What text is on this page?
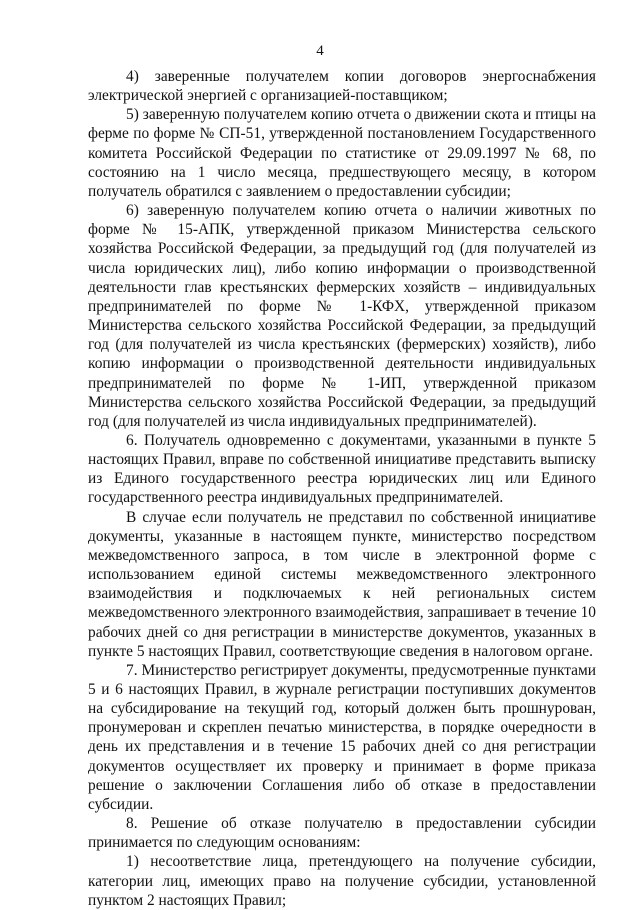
4

4) заверенные получателем копии договоров энергоснабжения электрической энергией с организацией-поставщиком;

5) заверенную получателем копию отчета о движении скота и птицы на ферме по форме № СП-51, утвержденной постановлением Государственного комитета Российской Федерации по статистике от 29.09.1997 № 68, по состоянию на 1 число месяца, предшествующего месяцу, в котором получатель обратился с заявлением о предоставлении субсидии;

6) заверенную получателем копию отчета о наличии животных по форме № 15-АПК, утвержденной приказом Министерства сельского хозяйства Российской Федерации, за предыдущий год (для получателей из числа юридических лиц), либо копию информации о производственной деятельности глав крестьянских фермерских хозяйств – индивидуальных предпринимателей по форме № 1-КФХ, утвержденной приказом Министерства сельского хозяйства Российской Федерации, за предыдущий год (для получателей из числа крестьянских (фермерских) хозяйств), либо копию информации о производственной деятельности индивидуальных предпринимателей по форме № 1-ИП, утвержденной приказом Министерства сельского хозяйства Российской Федерации, за предыдущий год (для получателей из числа индивидуальных предпринимателей).

6. Получатель одновременно с документами, указанными в пункте 5 настоящих Правил, вправе по собственной инициативе представить выписку из Единого государственного реестра юридических лиц или Единого государственного реестра индивидуальных предпринимателей.

В случае если получатель не представил по собственной инициативе документы, указанные в настоящем пункте, министерство посредством межведомственного запроса, в том числе в электронной форме с использованием единой системы межведомственного электронного взаимодействия и подключаемых к ней региональных систем межведомственного электронного взаимодействия, запрашивает в течение 10 рабочих дней со дня регистрации в министерстве документов, указанных в пункте 5 настоящих Правил, соответствующие сведения в налоговом органе.

7. Министерство регистрирует документы, предусмотренные пунктами 5 и 6 настоящих Правил, в журнале регистрации поступивших документов на субсидирование на текущий год, который должен быть прошнурован, пронумерован и скреплен печатью министерства, в порядке очередности в день их представления и в течение 15 рабочих дней со дня регистрации документов осуществляет их проверку и принимает в форме приказа решение о заключении Соглашения либо об отказе в предоставлении субсидии.

8. Решение об отказе получателю в предоставлении субсидии принимается по следующим основаниям:

1) несоответствие лица, претендующего на получение субсидии, категории лиц, имеющих право на получение субсидии, установленной пунктом 2 настоящих Правил;
